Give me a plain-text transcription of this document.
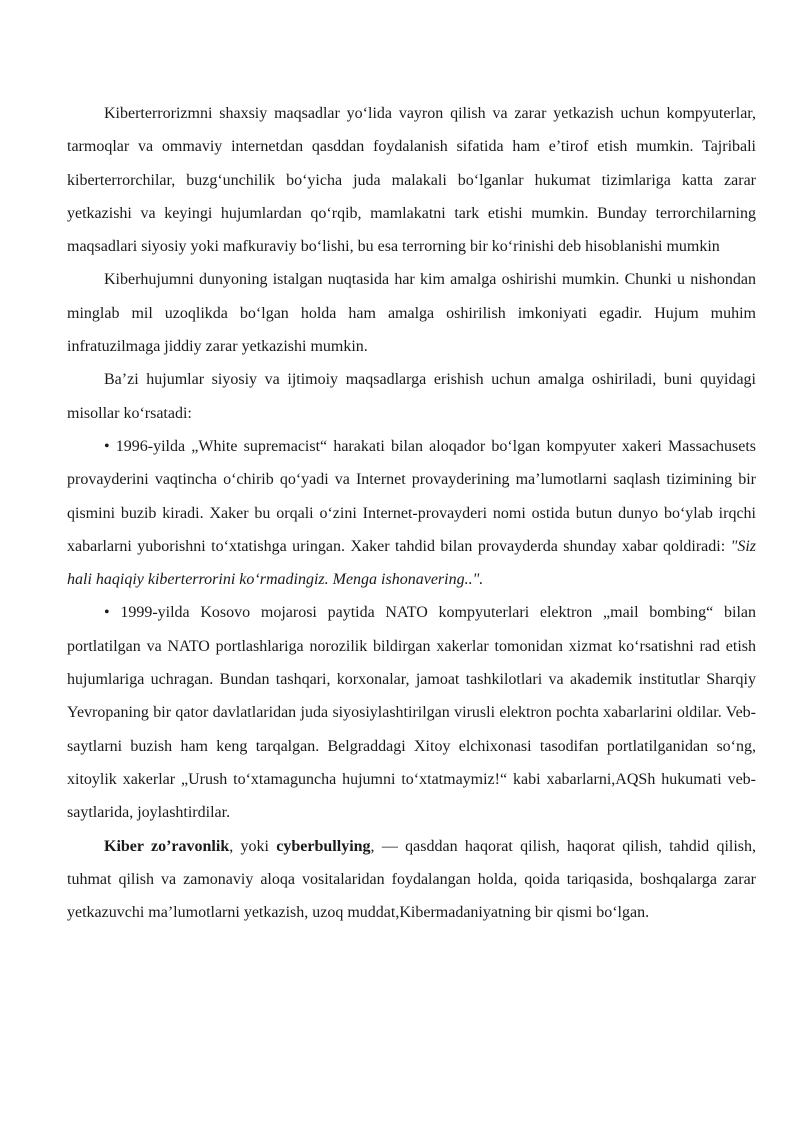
Kiberterrorizmni shaxsiy maqsadlar yo‘lida vayron qilish va zarar yetkazish uchun kompyuterlar, tarmoqlar va ommaviy internetdan qasddan foydalanish sifatida ham e’tirof etish mumkin. Tajribali kiberterrorchilar, buzg‘unchilik bo‘yicha juda malakali bo‘lganlar hukumat tizimlariga katta zarar yetkazishi va keyingi hujumlardan qo‘rqib, mamlakatni tark etishi mumkin. Bunday terrorchilarning maqsadlari siyosiy yoki mafkuraviy bo‘lishi, bu esa terrorning bir ko‘rinishi deb hisoblanishi mumkin

Kiberhujumni dunyoning istalgan nuqtasida har kim amalga oshirishi mumkin. Chunki u nishondan minglab mil uzoqlikda bo‘lgan holda ham amalga oshirilish imkoniyati egadir. Hujum muhim infratuzilmaga jiddiy zarar yetkazishi mumkin.

Ba’zi hujumlar siyosiy va ijtimoiy maqsadlarga erishish uchun amalga oshiriladi, buni quyidagi misollar ko‘rsatadi:

• 1996-yilda „White supremacist“ harakati bilan aloqador bo‘lgan kompyuter xakeri Massachusets provayderini vaqtincha o‘chirib qo‘yadi va Internet provayderining ma’lumotlarni saqlash tizimining bir qismini buzib kiradi. Xaker bu orqali o‘zini Internet-provayderi nomi ostida butun dunyo bo‘ylab irqchi xabarlarni yuborishni to‘xtatishga uringan. Xaker tahdid bilan provayderda shunday xabar qoldiradi: "Siz hali haqiqiy kiberterrorini ko‘rmadingiz. Menga ishonavering..".

• 1999-yilda Kosovo mojarosi paytida NATO kompyuterlari elektron „mail bombing“ bilan portlatilgan va NATO portlashlariga norozilik bildirgan xakerlar tomonidan xizmat ko‘rsatishni rad etish hujumlariga uchragan. Bundan tashqari, korxonalar, jamoat tashkilotlari va akademik institutlar Sharqiy Yevropaning bir qator davlatlaridan juda siyosiylashtirilgan virusli elektron pochta xabarlarini oldilar. Veb-saytlarni buzish ham keng tarqalgan. Belgraddagi Xitoy elchixonasi tasodifan portlatilganidan so‘ng, xitoylik xakerlar „Urush to‘xtamaguncha hujumni to‘xtatmaymiz!“ kabi xabarlarni,AQSh hukumati veb-saytlarida, joylashtirdilar.

Kiber zo’ravonlik, yoki cyberbullying, — qasddan haqorat qilish, haqorat qilish, tahdid qilish, tuhmat qilish va zamonaviy aloqa vositalaridan foydalangan holda, qoida tariqasida, boshqalarga zarar yetkazuvchi ma’lumotlarni yetkazish, uzoq muddat,Kibermadaniyatning bir qismi bo‘lgan.
